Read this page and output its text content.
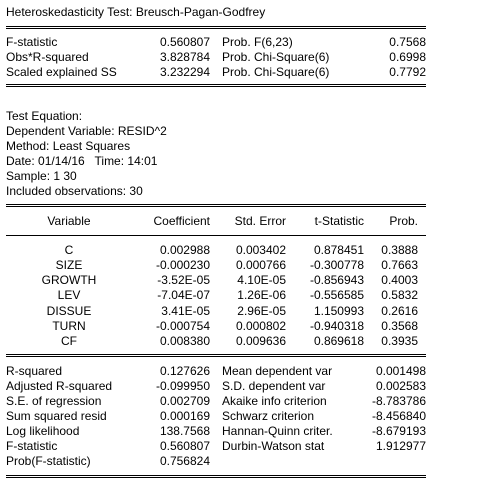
Heteroskedasticity Test: Breusch-Pagan-Godfrey
F-statistic	0.560807 Prob. F(6,23)	0.7568
Obs*R-squared	3.828784 Prob. Chi-Square(6)	0.6998
Scaled explained SS	3.232294 Prob. Chi-Square(6)	0.7792
Test Equation:
Dependent Variable: RESID^2
Method: Least Squares
Date: 01/14/16   Time: 14:01
Sample: 1 30
Included observations: 30
Variable	Coefficient	Std. Error	t-Statistic	Prob.
C	0.002988	0.003402	0.878451	0.3888
SIZE	-0.000230	0.000766	-0.300778	0.7663
GROWTH	-3.52E-05	4.10E-05	-0.856943	0.4003
LEV	-7.04E-07	1.26E-06	-0.556585	0.5832
DISSUE	3.41E-05	2.96E-05	1.150993	0.2616
TURN	-0.000754	0.000802	-0.940318	0.3568
CF	0.008380	0.009636	0.869618	0.3935
R-squared	0.127626 Mean dependent var	0.001498
Adjusted R-squared	-0.099950 S.D. dependent var	0.002583
S.E. of regression	0.002709 Akaike info criterion	-8.783786
Sum squared resid	0.000169 Schwarz criterion	-8.456840
Log likelihood	138.7568 Hannan-Quinn criter.	-8.679193
F-statistic	0.560807 Durbin-Watson stat	1.912977
Prob(F-statistic)	0.756824
